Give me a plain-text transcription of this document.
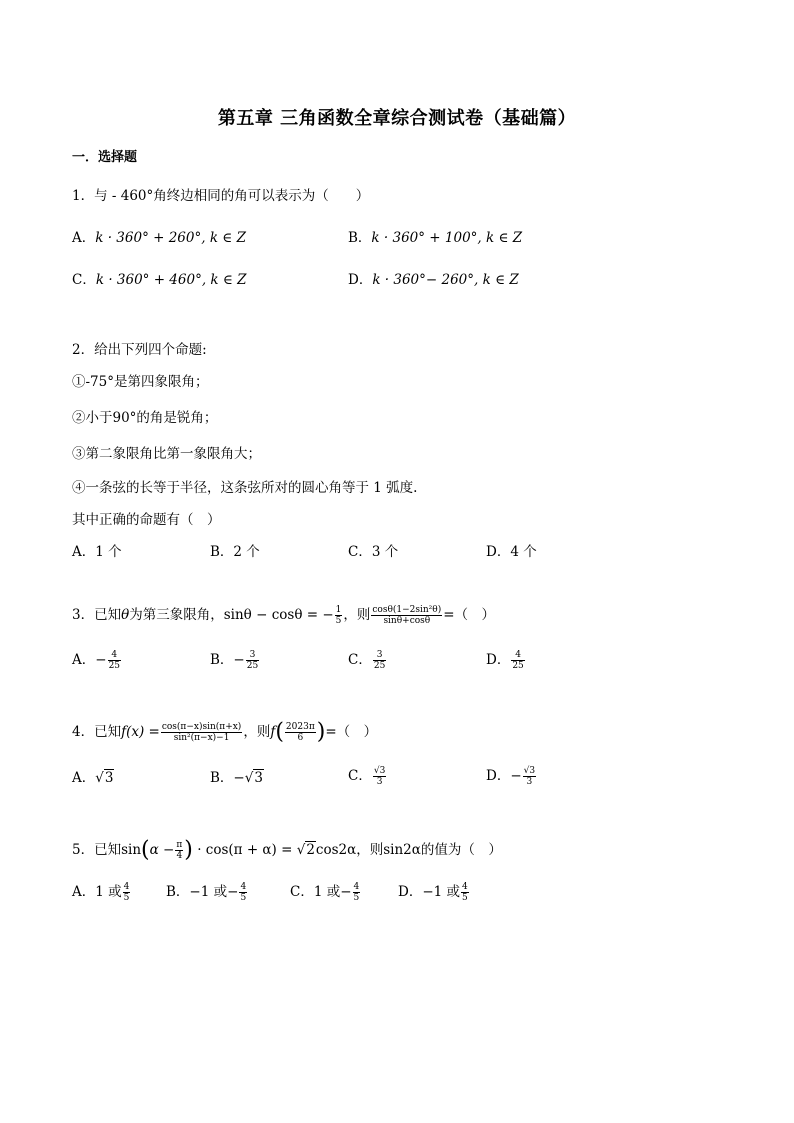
第五章 三角函数全章综合测试卷（基础篇）
一．选择题
1．与 - 460°角终边相同的角可以表示为（　　）
A．k · 360° + 260°, k ∈ Z	B．k · 360° + 100°, k ∈ Z
C．k · 360° + 460°, k ∈ Z	D．k · 360°− 260°, k ∈ Z
2．给出下列四个命题:
①-75°是第四象限角；
②小于90°的角是锐角；
③第二象限角比第一象限角大；
④一条弦的长等于半径，这条弦所对的圆心角等于 1 弧度.
其中正确的命题有（　）
A．1 个	B．2 个	C．3 个	D．4 个
3．已知θ为第三象限角，sinθ − cosθ = − $\frac{1}{5}$ ，则 $\frac{\text{cosθ(1−2sin²θ)}}{\sin\theta+\cos\theta}$ =（　）
A．− $\frac{4}{25}$	B．− $\frac{3}{25}$	C． $\frac{3}{25}$	D． $\frac{4}{25}$
4．已知$f(x) = \frac{\cos(\pi-x)\sin(\pi+x)}{\text{sin²(π−x)−1}}$ ，则$f( \frac{2023\pi}{6}$ )=（　）
A．√3	B．−√3	C． $\frac{√3}{3}$	D．− $\frac{√3}{3}$
5．已知$\sin(\alpha - \frac{\pi}{4}$ ) · cos(π + α) = √2cos2α，则sin2α的值为（　）
A．1 或 $\frac{4}{5}$	B．−1 或− $\frac{4}{5}$	C．1 或− $\frac{4}{5}$	D．−1 或 $\frac{4}{5}$
